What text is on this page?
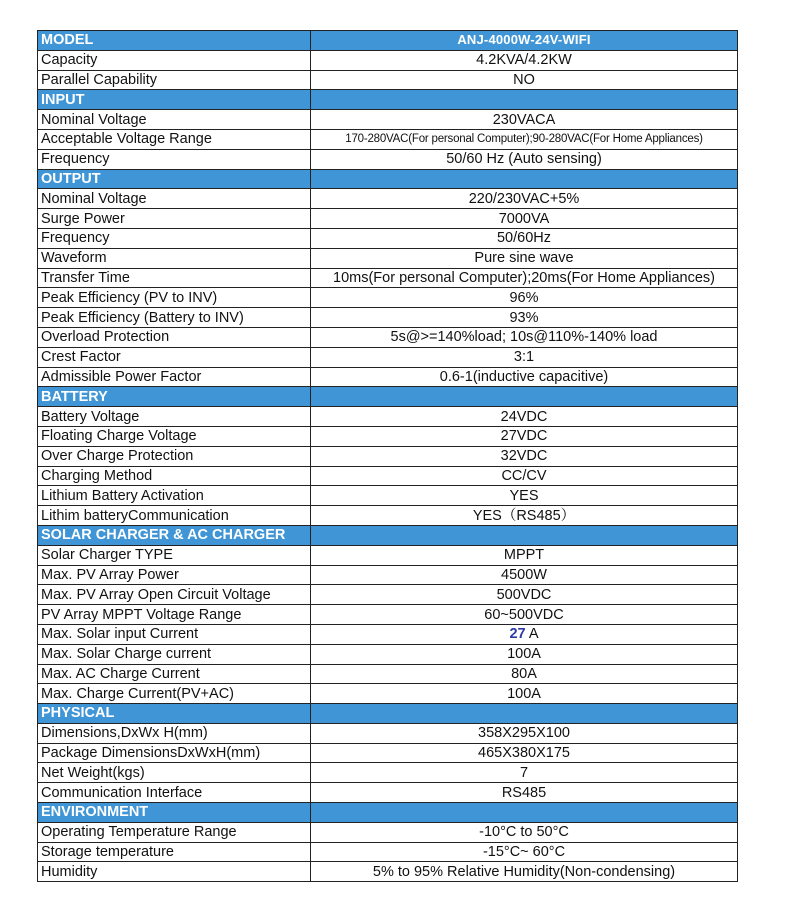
MODEL	ANJ-4000W-24V-WIFI
Capacity	4.2KVA/4.2KW
Parallel Capability	NO
INPUT	
Nominal Voltage	230VACA
Acceptable Voltage Range	170-280VAC(For personal Computer);90-280VAC(For Home Appliances)
Frequency	50/60 Hz (Auto sensing)
OUTPUT	
Nominal Voltage	220/230VAC+5%
Surge Power	7000VA
Frequency	50/60Hz
Waveform	Pure sine wave
Transfer Time	10ms(For personal Computer);20ms(For Home Appliances)
Peak Efficiency (PV to INV)	96%
Peak Efficiency (Battery to INV)	93%
Overload Protection	5s@>=140%load; 10s@110%-140% load
Crest Factor	3:1
Admissible Power Factor	0.6-1(inductive capacitive)
BATTERY	
Battery Voltage	24VDC
Floating Charge Voltage	27VDC
Over Charge Protection	32VDC
Charging Method	CC/CV
Lithium Battery Activation	YES
Lithim batteryCommunication	YES（RS485）
SOLAR CHARGER & AC CHARGER	
Solar Charger TYPE	MPPT
Max. PV Array Power	4500W
Max. PV Array Open Circuit Voltage	500VDC
PV Array MPPT Voltage Range	60~500VDC
Max. Solar input Current	27 A
Max. Solar Charge current	100A
Max. AC Charge Current	80A
Max. Charge Current(PV+AC)	100A
PHYSICAL	
Dimensions,DxWx H(mm)	358X295X100
Package DimensionsDxWxH(mm)	465X380X175
Net Weight(kgs)	7
Communication Interface	RS485
ENVIRONMENT	
Operating Temperature Range	-10°C to 50°C
Storage temperature	-15°C~ 60°C
Humidity	5% to 95% Relative Humidity(Non-condensing)
